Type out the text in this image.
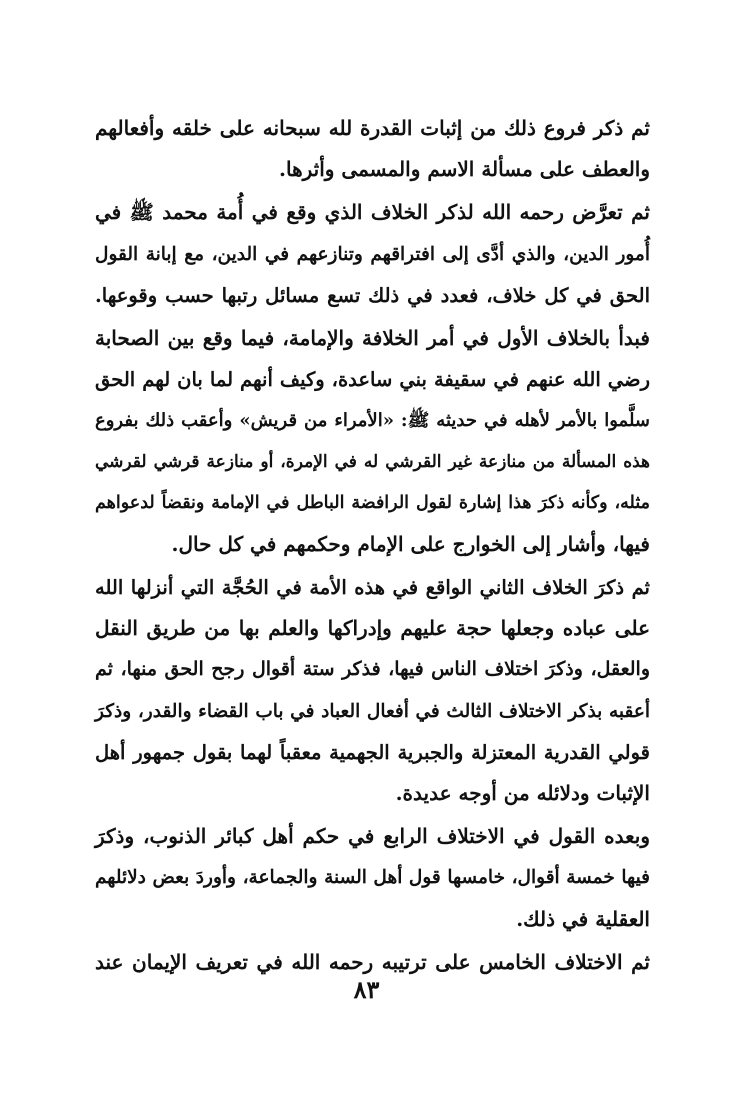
ثم ذكر فروع ذلك من إثبات القدرة لله سبحانه على خلقه وأفعالهم
والعطف على مسألة الاسم والمسمى وأثرها.
ثم تعرَّض رحمه الله لذكر الخلاف الذي وقع في أُمة محمد ﷺ في
أُمور الدين، والذي أدَّى إلى افتراقهم وتنازعهم في الدين، مع إبانة القول
الحق في كل خلاف، فعدد في ذلك تسع مسائل رتبها حسب وقوعها.
فبدأ بالخلاف الأول في أمر الخلافة والإمامة، فيما وقع بين الصحابة
رضي الله عنهم في سقيفة بني ساعدة، وكيف أنهم لما بان لهم الحق
سلَّموا بالأمر لأهله في حديثه ﷺ: «الأمراء من قريش» وأعقب ذلك بفروع
هذه المسألة من منازعة غير القرشي له في الإمرة، أو منازعة قرشي لقرشي
مثله، وكأنه ذكرَ هذا إشارة لقول الرافضة الباطل في الإمامة ونقضاً لدعواهم
فيها، وأشار إلى الخوارج على الإمام وحكمهم في كل حال.
ثم ذكرَ الخلاف الثاني الواقع في هذه الأمة في الحُجَّة التي أنزلها الله
على عباده وجعلها حجة عليهم وإدراكها والعلم بها من طريق النقل
والعقل، وذكرَ اختلاف الناس فيها، فذكر ستة أقوال رجح الحق منها، ثم
أعقبه بذكر الاختلاف الثالث في أفعال العباد في باب القضاء والقدر، وذكرَ
قولي القدرية المعتزلة والجبرية الجهمية معقباً لهما بقول جمهور أهل
الإثبات ودلائله من أوجه عديدة.
وبعده القول في الاختلاف الرابع في حكم أهل كبائر الذنوب، وذكرَ
فيها خمسة أقوال، خامسها قول أهل السنة والجماعة، وأوردَ بعض دلائلهم
العقلية في ذلك.
ثم الاختلاف الخامس على ترتيبه رحمه الله في تعريف الإيمان عند
٨٣
